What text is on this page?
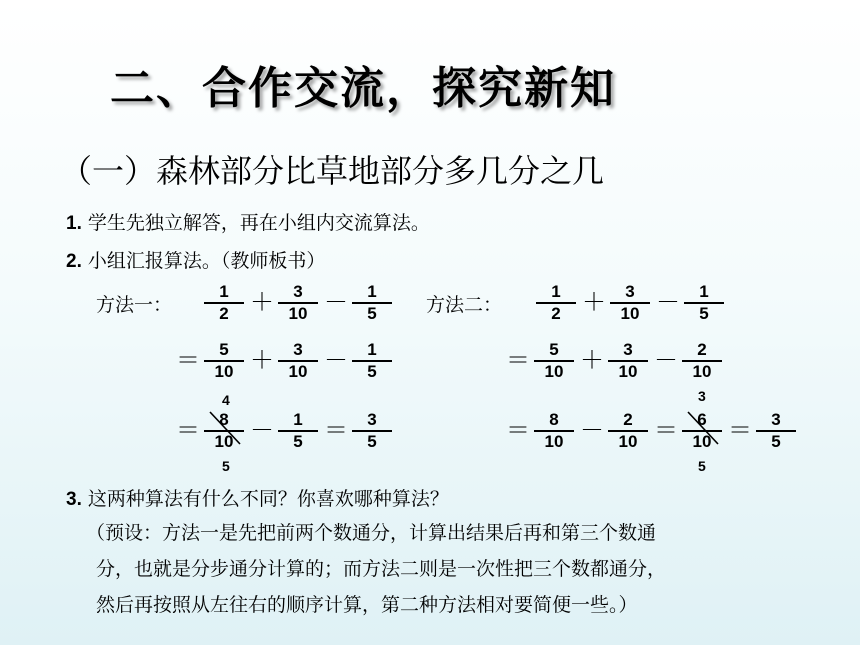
二、合作交流，探究新知
（一）森林部分比草地部分多几分之几
1. 学生先独立解答，再在小组内交流算法。
2. 小组汇报算法。（教师板书）
方法一：
1
2 ＋	3
10 －	1
5
＝	5
10 ＋	3
10 －	1
5
＝	8
10 －	1
5 ＝	3
5
4
5
方法二：
1
2 ＋	3
10 －	1
5
＝	5
10 ＋	3
10 －	2
10
＝	8
10 －	2
10 ＝	6
10 ＝	3
5
3
5
3. 这两种算法有什么不同？你喜欢哪种算法？
（预设：方法一是先把前两个数通分，计算出结果后再和第三个数通
分，也就是分步通分计算的；而方法二则是一次性把三个数都通分，
然后再按照从左往右的顺序计算，第二种方法相对要简便一些。）
